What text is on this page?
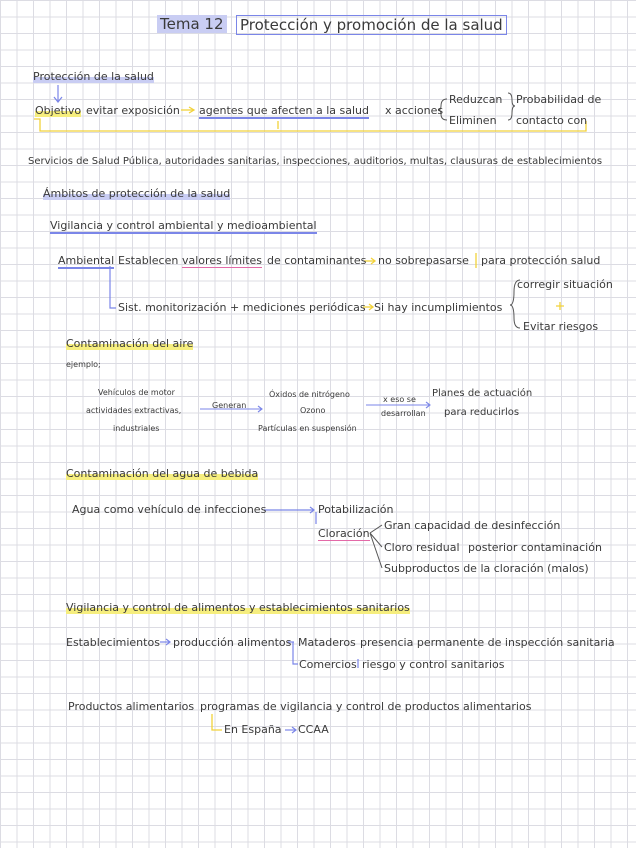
Tema 12 Protección y promoción de la salud
Protección de la salud
Objetivo evitar exposición agentes que afecten a la salud x acciones
Reduzcan
Eliminen
Probabilidad de
contacto con
Servicios de Salud Pública, autoridades sanitarias, inspecciones, auditorios, multas, clausuras de establecimientos
Ámbitos de protección de la salud
Vigilancia y control ambiental y medioambiental
Ambiental Establecen valores límites de contaminantes no sobrepasarse para protección salud
Sist. monitorización + mediciones periódicas Si hay incumplimientos
corregir situación
Evitar riesgos
Contaminación del aire
ejemplo;
Vehículos de motor
actividades extractivas,
industriales
Generan
Óxidos de nitrógeno
Ozono
Partículas en suspensión
x eso se
desarrollan
Planes de actuación
para reducirlos
Contaminación del agua de bebida
Agua como vehículo de infecciones	Potabilización
Cloración
Gran capacidad de desinfección
Cloro residual posterior contaminación
Subproductos de la cloración (malos)
Vigilancia y control de alimentos y establecimientos sanitarios
Establecimientos producción alimentos Mataderos presencia permanente de inspección sanitaria
Comercios riesgo y control sanitarios
Productos alimentarios programas de vigilancia y control de productos alimentarios
En España CCAA
